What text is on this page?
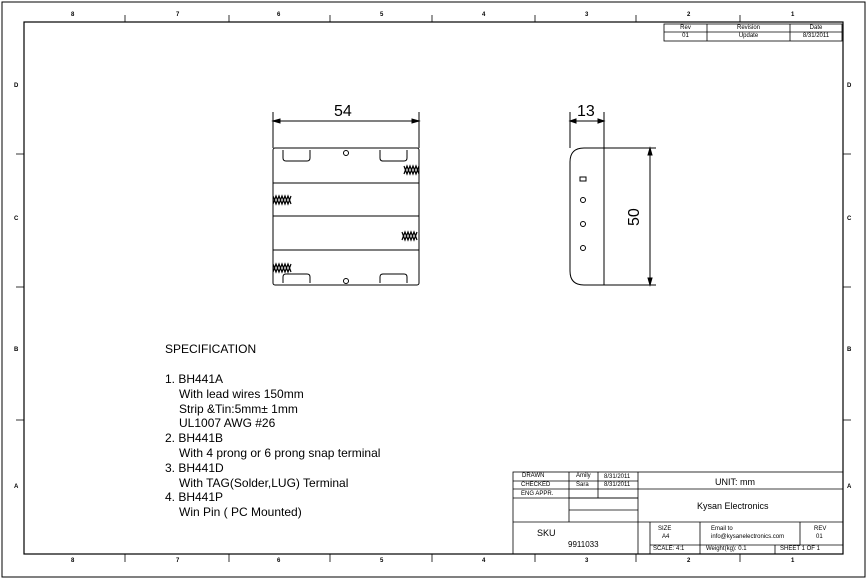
8	7	6	5	4	3	2	1
8	7	6	5	4	3	2	1
D
C
B
A
D
C
B
A
Rev	Revision	Date
01	Update	8/31/2011
54	13
50
SPECIFICATION
1. BH441A
With lead wires 150mm
Strip &Tin:5mm± 1mm
UL1007 AWG #26
2. BH441B
With 4 prong or 6 prong snap terminal
3. BH441D
With TAG(Solder,LUG) Terminal
4. BH441P
Win Pin ( PC Mounted)
DRAWN	Amily 8/31/2011
CHECKED	Sara	8/31/2011
ENG APPR.
UNIT: mm
Kysan Electronics
SKU
9911033
SIZE
A4
Email to
info@kysanelectronics.com
REV
01
SCALE: 4:1	Weight(kg): 0.1	SHEET 1 OF 1
